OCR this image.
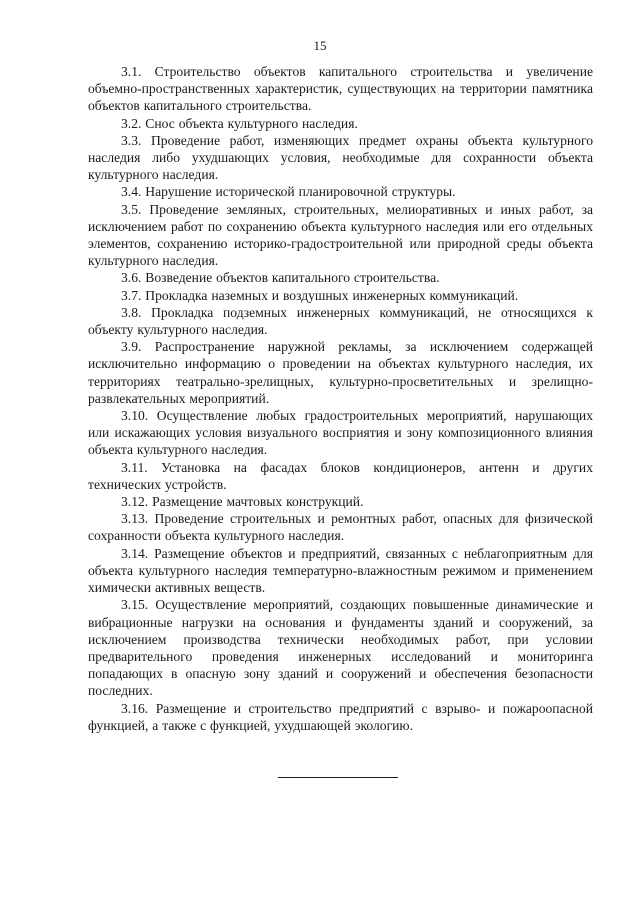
15

3.1. Строительство объектов капитального строительства и увеличение объемно-пространственных характеристик, существующих на территории памятника объектов капитального строительства.

3.2. Снос объекта культурного наследия.

3.3. Проведение работ, изменяющих предмет охраны объекта культурного наследия либо ухудшающих условия, необходимые для сохранности объекта культурного наследия.

3.4. Нарушение исторической планировочной структуры.

3.5. Проведение земляных, строительных, мелиоративных и иных работ, за исключением работ по сохранению объекта культурного наследия или его отдельных элементов, сохранению историко-градостроительной или природной среды объекта культурного наследия.

3.6. Возведение объектов капитального строительства.

3.7. Прокладка наземных и воздушных инженерных коммуникаций.

3.8. Прокладка подземных инженерных коммуникаций, не относящихся к объекту культурного наследия.

3.9. Распространение наружной рекламы, за исключением содержащей исключительно информацию о проведении на объектах культурного наследия, их территориях театрально-зрелищных, культурно-просветительных и зрелищно-развлекательных мероприятий.

3.10. Осуществление любых градостроительных мероприятий, нарушающих или искажающих условия визуального восприятия и зону композиционного влияния объекта культурного наследия.

3.11. Установка на фасадах блоков кондиционеров, антенн и других технических устройств.

3.12. Размещение мачтовых конструкций.

3.13. Проведение строительных и ремонтных работ, опасных для физической сохранности объекта культурного наследия.

3.14. Размещение объектов и предприятий, связанных с неблагоприятным для объекта культурного наследия температурно-влажностным режимом и применением химически активных веществ.

3.15. Осуществление мероприятий, создающих повышенные динамические и вибрационные нагрузки на основания и фундаменты зданий и сооружений, за исключением производства технически необходимых работ, при условии предварительного проведения инженерных исследований и мониторинга попадающих в опасную зону зданий и сооружений и обеспечения безопасности последних.

3.16. Размещение и строительство предприятий с взрыво- и пожароопасной функцией, а также с функцией, ухудшающей экологию.
